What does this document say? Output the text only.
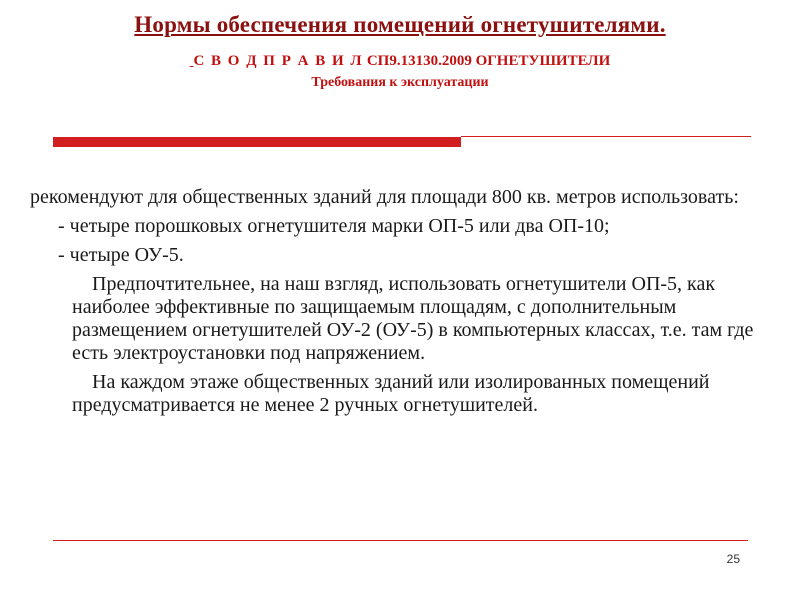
Нормы обеспечения помещений огнетушителями.
С В О Д П Р А В И Л СП9.13130.2009 ОГНЕТУШИТЕЛИ
Требования к эксплуатации

рекомендуют для общественных зданий для площади 800 кв. метров использовать:

- четыре порошковых огнетушителя марки ОП-5 или два ОП-10;

- четыре ОУ-5.

Предпочтительнее, на наш взгляд, использовать огнетушители ОП-5, как наиболее эффективные по защищаемым площадям, с дополнительным размещением огнетушителей ОУ-2 (ОУ-5) в компьютерных классах, т.е. там где есть электроустановки под напряжением.

На каждом этаже общественных зданий или изолированных помещений предусматривается не менее 2 ручных огнетушителей.

25
